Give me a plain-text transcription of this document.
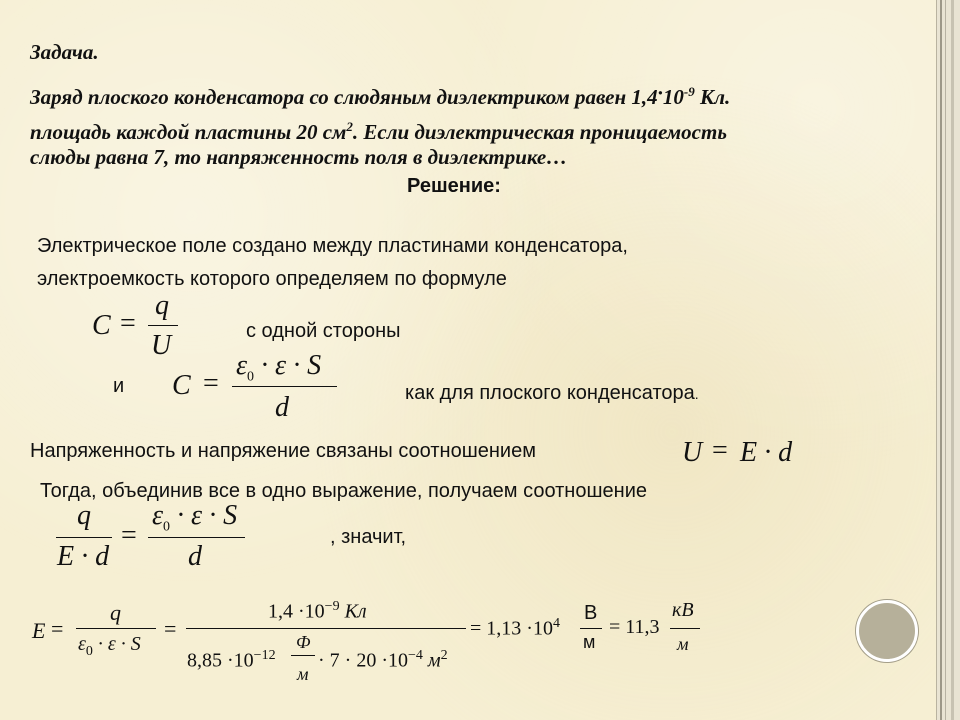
Задача.
Заряд плоского конденсатора со слюдяным диэлектриком равен $1,4\cdot 10^{-9}$ Кл.
площадь каждой пластины 20 $см^2$. Если диэлектрическая проницаемость
слюды равна 7, то напряженность поля в диэлектрике…
Решение:
Электрическое поле создано между пластинами конденсатора,
электроемкость которого определяем по формуле
C =
q
U	с одной стороны
и C =
$\varepsilon_0 \cdot \varepsilon \cdot S$
d	как для плоского конденсатора.
Напряженность и напряжение связаны соотношением	U = E · d
Тогда, объединив все в одно выражение, получаем соотношение
q
E · d
=
$\varepsilon_0 \cdot \varepsilon \cdot S$
d
, значит,
E =
q
$\varepsilon_0 \cdot \varepsilon \cdot S$
=
$1,4 \cdot 10^{-9}$ Кл
$8,85 \cdot 10^{-12}$
Ф
м
· $7 \cdot 20 \cdot 10^{-4}$ $м^2$
= $1,13 \cdot 10^4$ В
м
= 11,3
кВ
м
